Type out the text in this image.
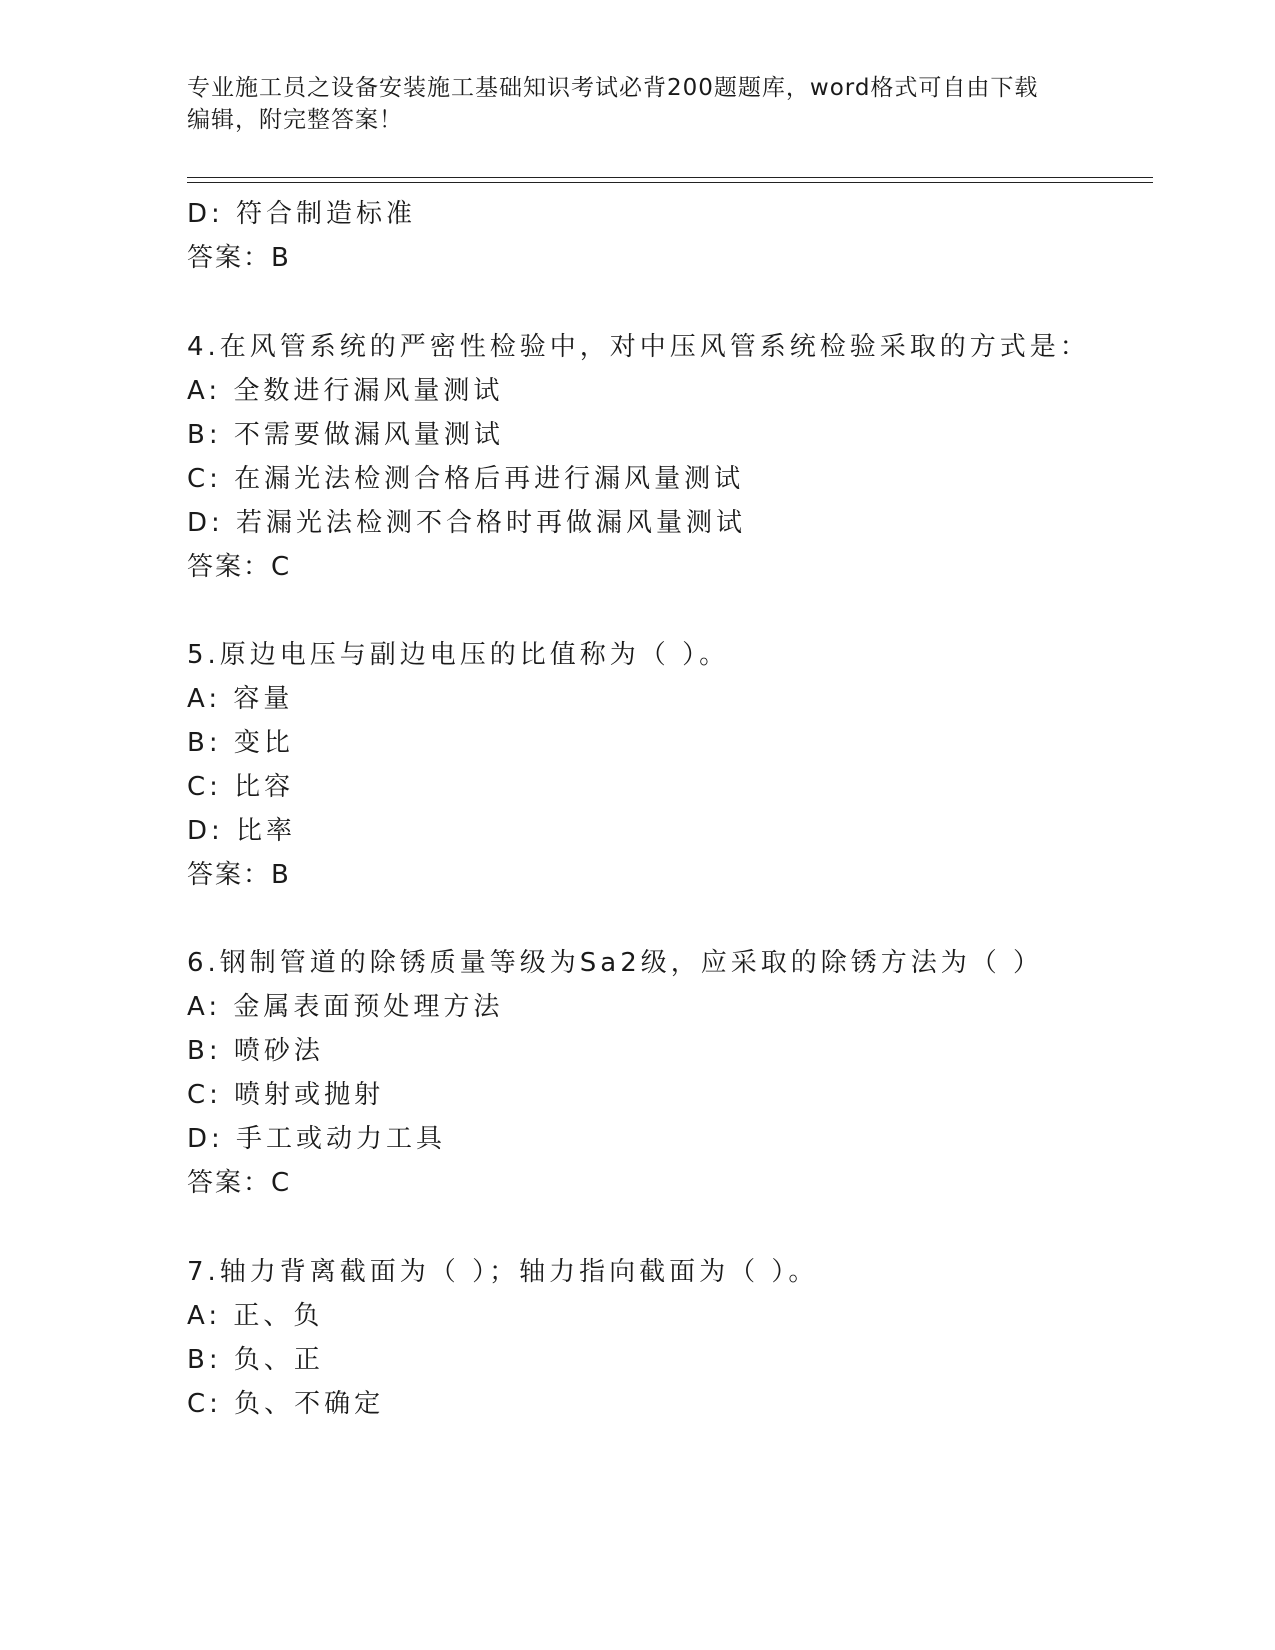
专业施工员之设备安装施工基础知识考试必背200题题库，word格式可自由下载
编辑，附完整答案！
D: 符合制造标准
答案：B
4.在风管系统的严密性检验中，对中压风管系统检验采取的方式是：
A: 全数进行漏风量测试
B: 不需要做漏风量测试
C: 在漏光法检测合格后再进行漏风量测试
D: 若漏光法检测不合格时再做漏风量测试
答案：C
5.原边电压与副边电压的比值称为（ ）。
A: 容量
B: 变比
C: 比容
D: 比率
答案：B
6.钢制管道的除锈质量等级为Sa2级，应采取的除锈方法为（ ）
A: 金属表面预处理方法
B: 喷砂法
C: 喷射或抛射
D: 手工或动力工具
答案：C
7.轴力背离截面为（ ）；轴力指向截面为（ ）。
A: 正、负
B: 负、正
C: 负、不确定
